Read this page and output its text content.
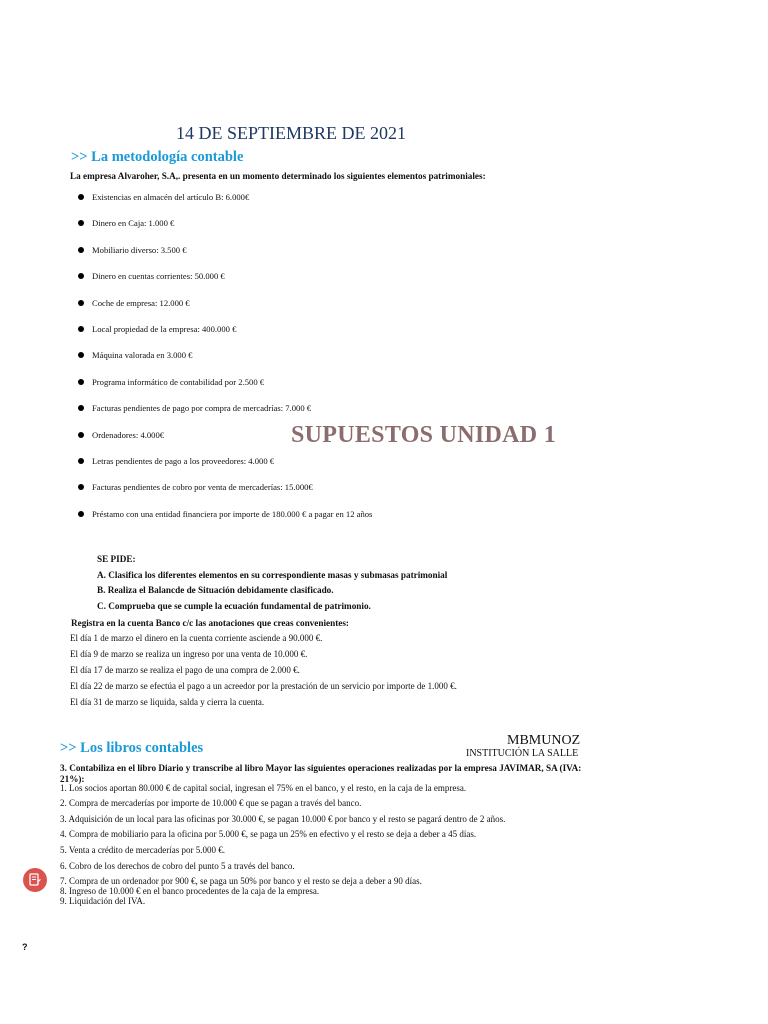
14 DE SEPTIEMBRE DE 2021
>> La metodología contable
La empresa Alvaroher, S.A,. presenta en un momento determinado los siguientes elementos patrimoniales:
Existencias en almacén del artículo B: 6.000€
Dinero en Caja: 1.000 €
Mobiliario diverso: 3.500 €
Dinero en cuentas corrientes: 50.000 €
Coche de empresa: 12.000 €
Local propiedad de la empresa: 400.000 €
Máquina valorada en 3.000 €
Programa informático de contabilidad por 2.500 €
Facturas pendientes de pago por compra de mercadrías: 7.000 €
Ordenadores: 4.000€
Letras pendientes de pago a los proveedores: 4.000 €
Facturas pendientes de cobro por venta de mercaderías: 15.000€
Préstamo con una entidad financiera por importe de 180.000 € a pagar en 12 años
SUPUESTOS UNIDAD 1
SE PIDE:
A. Clasifica los diferentes elementos en su correspondiente masas y submasas patrimonial
B. Realiza el Balancde de Situación debidamente clasificado.
C. Comprueba que se cumple la ecuación fundamental de patrimonio.
Registra en la cuenta Banco c/c las anotaciones que creas convenientes:
El día 1 de marzo el dinero en la cuenta corriente asciende a 90.000 €.
El día 9 de marzo se realiza un ingreso por una venta de 10.000 €.
El día 17 de marzo se realiza el pago de una compra de 2.000 €.
El día 22 de marzo se efectúa el pago a un acreedor por la prestación de un servicio por importe de 1.000 €.
El día 31 de marzo se liquida, salda y cierra la cuenta.
MBMUNOZ
INSTITUCIÓN LA SALLE
>> Los libros contables
3. Contabiliza en el libro Diario y transcribe al libro Mayor las siguientes operaciones realizadas por la empresa JAVIMAR, SA (IVA: 21%):
1. Los socios aportan 80.000 € de capital social, ingresan el 75% en el banco, y el resto, en la caja de la empresa.
2. Compra de mercaderías por importe de 10.000 € que se pagan a través del banco.
3. Adquisición de un local para las oficinas por 30.000 €, se pagan 10.000 € por banco y el resto se pagará dentro de 2 años.
4. Compra de mobiliario para la oficina por 5.000 €, se paga un 25% en efectivo y el resto se deja a deber a 45 días.
5. Venta a crédito de mercaderías por 5.000 €.
6. Cobro de los derechos de cobro del punto 5 a través del banco.
7. Compra de un ordenador por 900 €, se paga un 50% por banco y el resto se deja a deber a 90 días.
8. Ingreso de 10.000 € en el banco procedentes de la caja de la empresa.
9. Liquidación del IVA.
?
